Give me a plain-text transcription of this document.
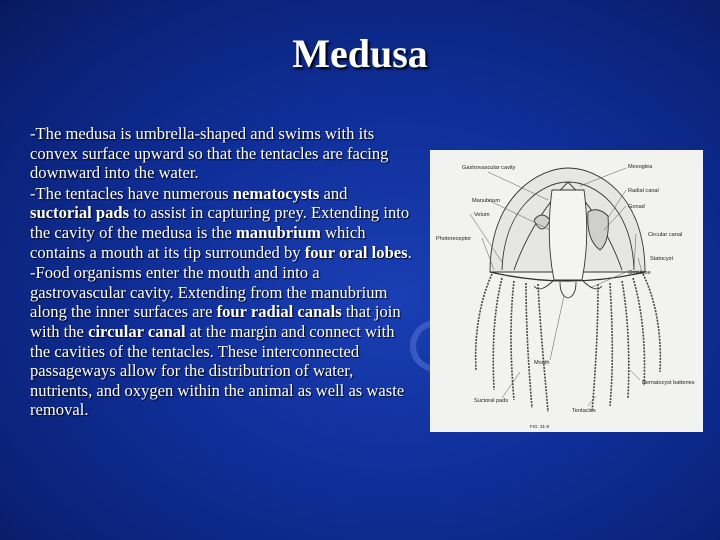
Medusa

-The medusa is umbrella-shaped and swims with its convex surface upward so that the tentacles are facing downward into the water.

-The tentacles have numerous nematocysts and suctorial pads to assist in capturing prey. Extending into the cavity of the medusa is the manubrium which contains a mouth at its tip surrounded by four oral lobes.

-Food organisms enter the mouth and into a gastrovascular cavity. Extending from the manubrium along the inner surfaces are four radial canals that join with the circular canal at the margin and connect with the cavities of the tentacles. These interconnected passageways allow for the distributrion of water, nutrients, and oxygen within the animal as well as waste removal.

Gastrovascular cavity
Manubrium
Velum
Photoreceptor
Mouth
Suctoral pads
Mesoglea
Radial canal
Gonad
Circular canal
Statocyst
Oral lobe
Nematocyst batteries
Tentacles
FIG. 31-8
